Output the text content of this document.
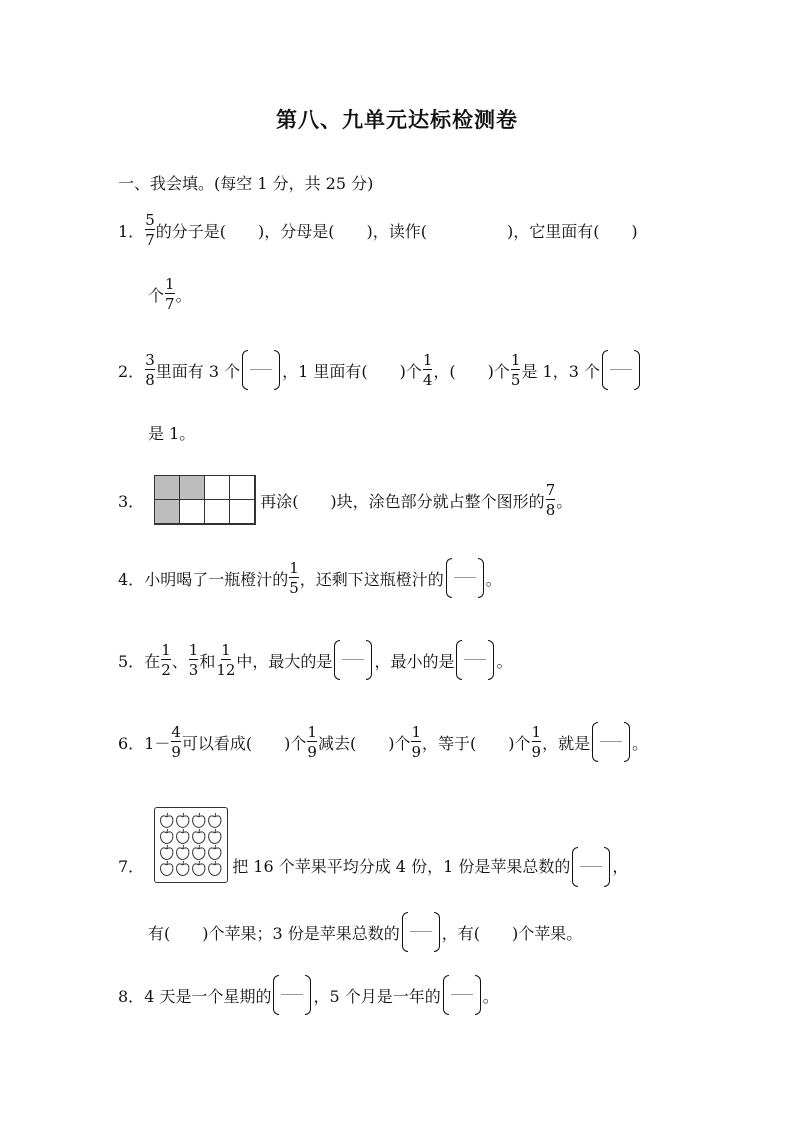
第八、九单元达标检测卷
一、我会填。(每空 1 分，共 25 分)
1． $\frac{5}{7}$ 的分子是(　　)，分母是(　　)，读作(　　　　　)，它里面有(　　)
个 $\frac{1}{7}$ 。
2． $\frac{3}{8}$ 里面有 3 个	，1 里面有(　　)个 $\frac{1}{4}$ ，(　　)个 $\frac{1}{5}$ 是 1，3 个
是 1。
3．	再涂(　　)块，涂色部分就占整个图形的 $\frac{7}{8}$ 。
4． 小明喝了一瓶橙汁的 $\frac{1}{5}$ ，还剩下这瓶橙汁的	。
5． 在 $\frac{1}{2}$ 、 $\frac{1}{3}$ 和 $\frac{1}{12}$ 中，最大的是	，最小的是	。
6． $1- \frac{4}{9}$ 可以看成(　　)个 $\frac{1}{9}$ 减去(　　)个 $\frac{1}{9}$ ，等于(　　)个 $\frac{1}{9}$ ，就是	。
7．	把 16 个苹果平均分成 4 份，1 份是苹果总数的	，
有(　　)个苹果；3 份是苹果总数的	，有(　　)个苹果。
8． 4 天是一个星期的	，5 个月是一年的	。
